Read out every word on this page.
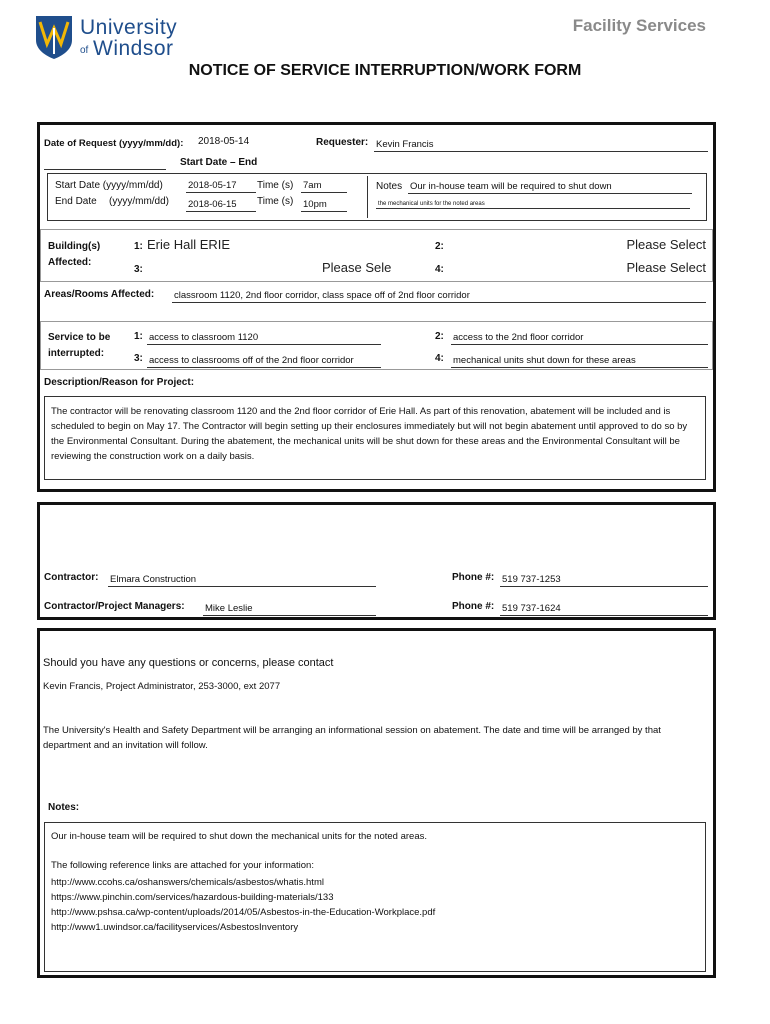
University
of Windsor
Facility Services
NOTICE OF SERVICE INTERRUPTION/WORK FORM
Date of Request (yyyy/mm/dd): 2018-05-14	Requester: Kevin Francis
Start Date – End
Start Date (yyyy/mm/dd)	2018-05-17	Time (s) 7am
End Date (yyyy/mm/dd) 2018-06-15	Time (s) 10pm
Notes Our in-house team will be required to shut down
the mechanical units for the noted areas
Building(s)
Affected:
1: Erie Hall ERIE	2:	Please Select
3:	Please Sele	4:	Please Select
Areas/Rooms Affected: classroom 1120, 2nd floor corridor, class space off of 2nd floor corridor
Service to be
interrupted:
1: access to classroom 1120	2: access to the 2nd floor corridor
3: access to classrooms off of the 2nd floor corridor	4: mechanical units shut down for these areas
Description/Reason for Project:
The contractor will be renovating classroom 1120 and the 2nd floor corridor of Erie Hall. As part of this renovation, abatement will be included and is scheduled to begin on May 17. The Contractor will begin setting up their enclosures immediately but will not begin abatement until approved to do so by the Environmental Consultant. During the abatement, the mechanical units will be shut down for these areas and the Environmental Consultant will be reviewing the construction work on a daily basis.
Contractor: Elmara Construction	Phone #: 519 737-1253
Contractor/Project Managers: Mike Leslie	Phone #: 519 737-1624
Should you have any questions or concerns, please contact
Kevin Francis, Project Administrator, 253-3000, ext 2077
The University's Health and Safety Department will be arranging an informational session on abatement. The date and time will be arranged by that department and an invitation will follow.
Notes:
Our in-house team will be required to shut down the mechanical units for the noted areas.
The following reference links are attached for your information:
http://www.ccohs.ca/oshanswers/chemicals/asbestos/whatis.html
https://www.pinchin.com/services/hazardous-building-materials/133
http://www.pshsa.ca/wp-content/uploads/2014/05/Asbestos-in-the-Education-Workplace.pdf
http://www1.uwindsor.ca/facilityservices/AsbestosInventory
